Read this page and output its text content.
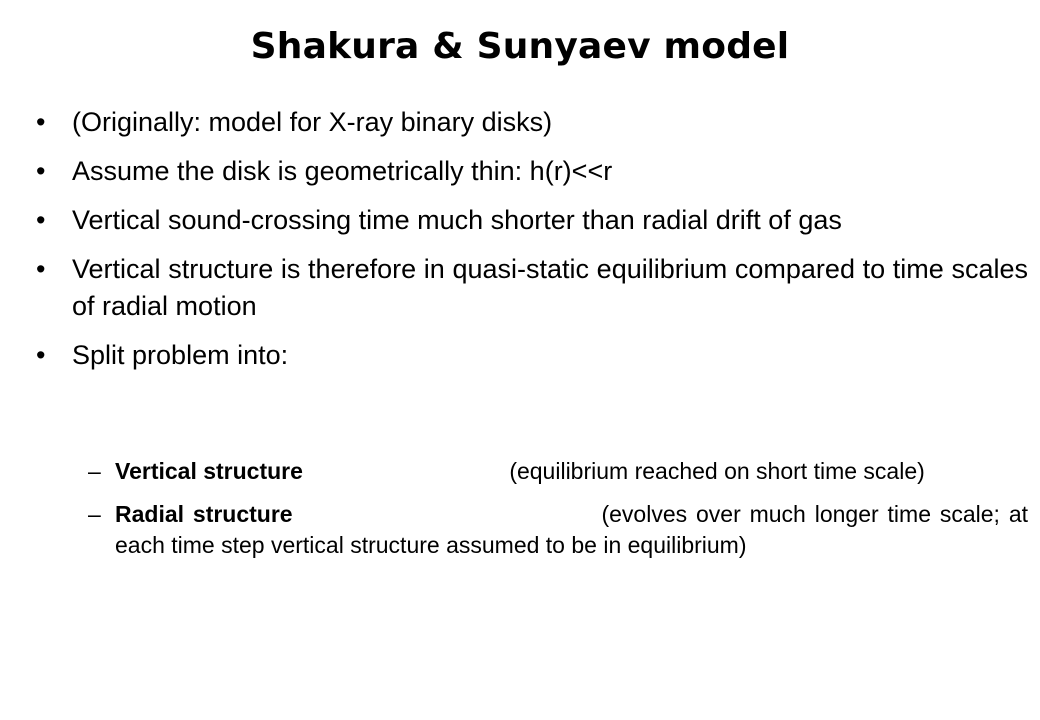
Shakura & Sunyaev model
• (Originally: model for X-ray binary disks)
• Assume the disk is geometrically thin: h(r)<<r
• Vertical sound-crossing time much shorter than radial drift of gas
• Vertical structure is therefore in quasi-static equilibrium compared to time scales of radial motion
• Split problem into:
– Vertical structure	(equilibrium reached on short time scale)
– Radial structure	(evolves over much longer time scale; at each time step vertical structure assumed to be in equilibrium)
